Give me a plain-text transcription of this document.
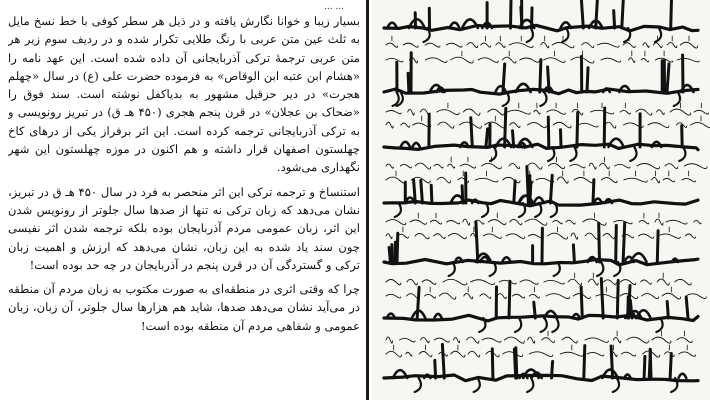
... ...

بسیار زیبا و خوانا نگارش یافته و در ذیل هر سطر کوفی با خط نسخ مایل به ثلث عین متن عربی با رنگ طلایی تکرار شده و در ردیف سوم زیر هر متن عربی ترجمهٔ ترکی آذربایجانی آن داده شده است. این عهد نامه را «هشام ابن عتبه ابن الوقاص» به فرموده حضرت علی (ع) در سال «چهلم هجرت» در دیر حزقیل مشهور به بدیاکفل نوشته است. سند فوق را «ضحاک بن عجلان» در قرن پنجم هجری (۴۵۰ هـ ق) در تبریز رونویسی و به ترکی آذربایجانی ترجمه کرده است. این اثر برفراز یکی از درهای کاخ چهلستون اصفهان قرار داشته و هم اکنون در موزه چهلستون این شهر نگهداری می‌شود.

استنساخ و ترجمه ترکی این اثر منحصر به فرد در سال ۴۵۰ هـ ق در تبریز، نشان می‌دهد که زبان ترکی نه تنها از صدها سال جلوتر از رونویس شدن این اثر، زبان عمومی مردم آذربایجان بوده بلکه ترجمه شدن اثر نفیسی چون سند یاد شده به این زبان، نشان می‌دهد که ارزش و اهمیت زبان ترکی و گستردگی آن در قرن پنجم در آذربایجان در چه حد بوده است!

چرا که وقتی اثری در منطقه‌ای به صورت مکتوب به زبان مردم آن منطقه در می‌آید نشان می‌دهد صدها، شاید هم هزارها سال جلوتر، آن زبان، زبان عمومی و شفاهی مردم آن منطقه بوده است!
